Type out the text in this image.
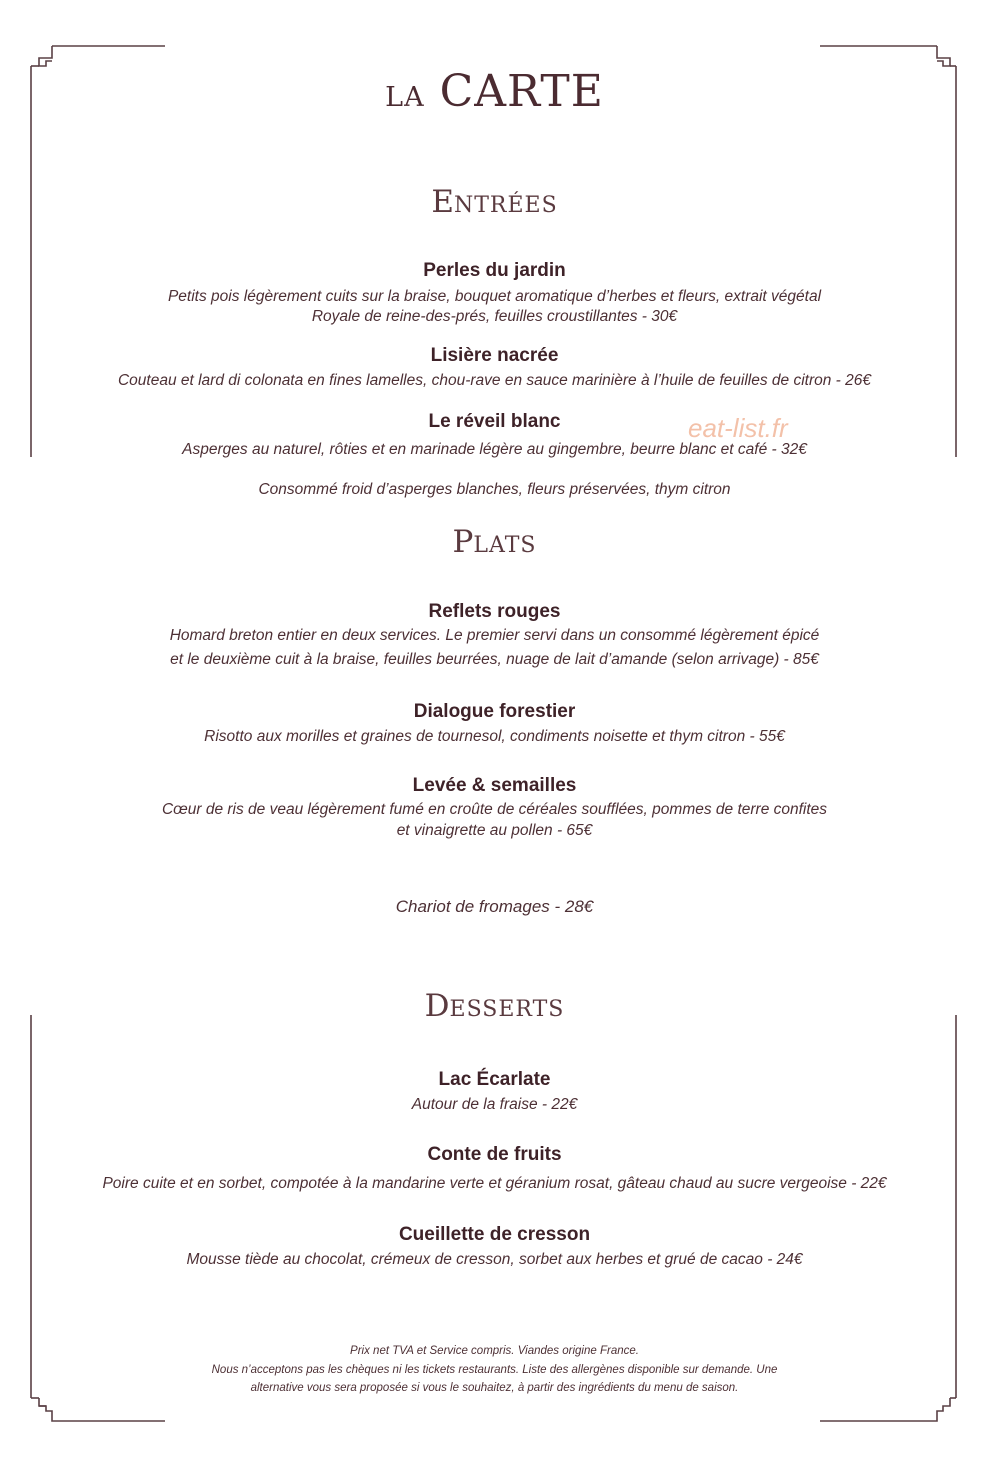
LA CARTE
ENTRÉES
Perles du jardin
Petits pois légèrement cuits sur la braise, bouquet aromatique d’herbes et fleurs, extrait végétal
Royale de reine-des-prés, feuilles croustillantes - 30€
Lisière nacrée
Couteau et lard di colonata en fines lamelles, chou-rave en sauce marinière à l’huile de feuilles de citron - 26€
Le réveil blanc
Asperges au naturel, rôties et en marinade légère au gingembre, beurre blanc et café - 32€
Consommé froid d’asperges blanches, fleurs préservées, thym citron
eat-list.fr
PLATS
Reflets rouges
Homard breton entier en deux services. Le premier servi dans un consommé légèrement épicé
et le deuxième cuit à la braise, feuilles beurrées, nuage de lait d’amande (selon arrivage) - 85€
Dialogue forestier
Risotto aux morilles et graines de tournesol, condiments noisette et thym citron - 55€
Levée & semailles
Cœur de ris de veau légèrement fumé en croûte de céréales soufflées, pommes de terre confites
et vinaigrette au pollen - 65€
Chariot de fromages - 28€
DESSERTS
Lac Écarlate
Autour de la fraise - 22€
Conte de fruits
Poire cuite et en sorbet, compotée à la mandarine verte et géranium rosat, gâteau chaud au sucre vergeoise - 22€
Cueillette de cresson
Mousse tiède au chocolat, crémeux de cresson, sorbet aux herbes et grué de cacao - 24€
Prix net TVA et Service compris. Viandes origine France.
Nous n’acceptons pas les chèques ni les tickets restaurants. Liste des allergènes disponible sur demande. Une
alternative vous sera proposée si vous le souhaitez, à partir des ingrédients du menu de saison.
